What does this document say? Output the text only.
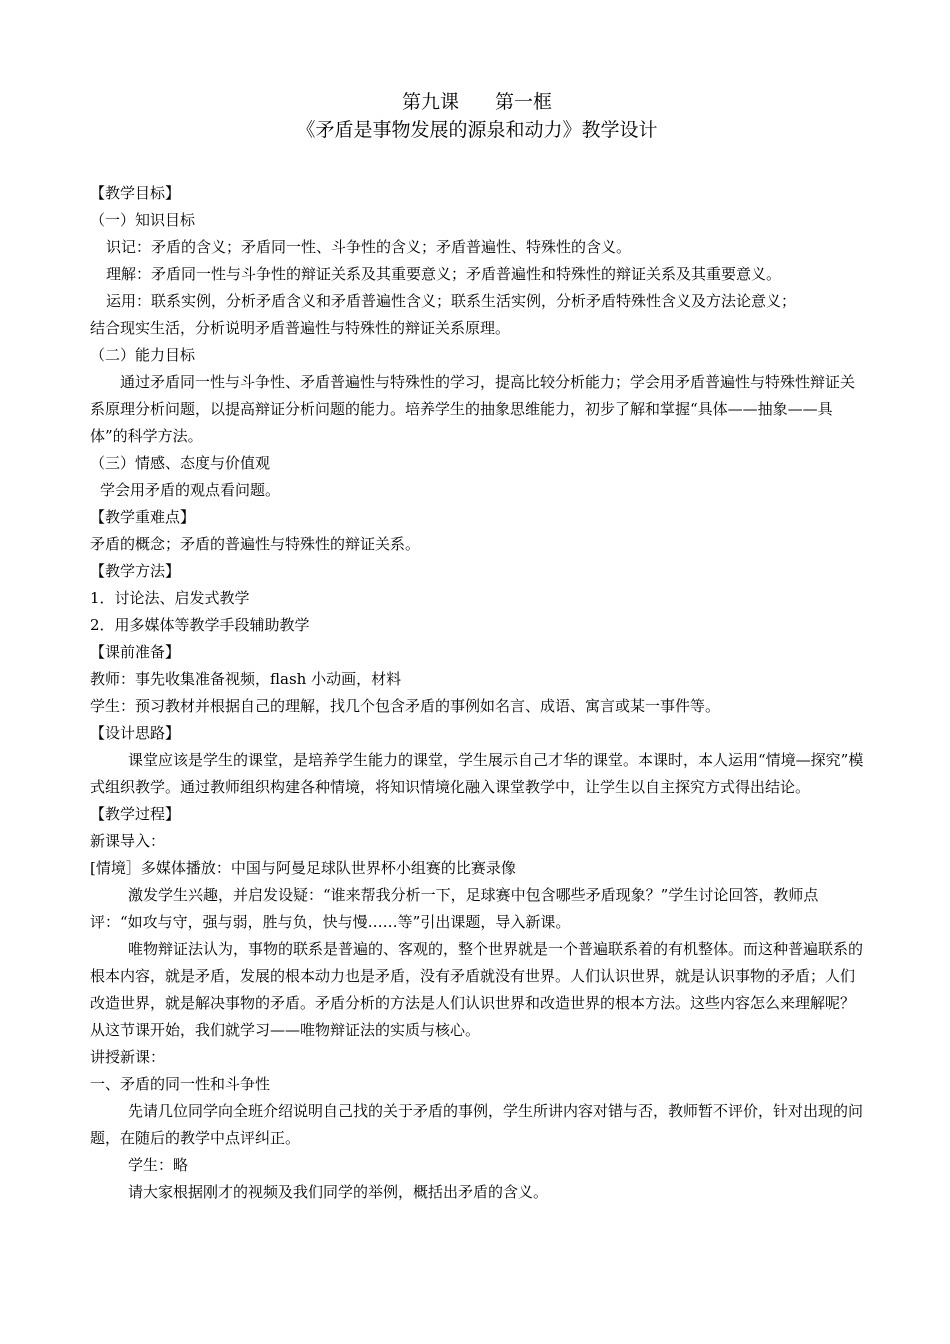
第九课 第一框

《矛盾是事物发展的源泉和动力》教学设计

【教学目标】

（一）知识目标

识记：矛盾的含义；矛盾同一性、斗争性的含义；矛盾普遍性、特殊性的含义。

理解：矛盾同一性与斗争性的辩证关系及其重要意义；矛盾普遍性和特殊性的辩证关系及其重要意义。

运用：联系实例，分析矛盾含义和矛盾普遍性含义；联系生活实例，分析矛盾特殊性含义及方法论意义；

结合现实生活，分析说明矛盾普遍性与特殊性的辩证关系原理。

（二）能力目标

通过矛盾同一性与斗争性、矛盾普遍性与特殊性的学习，提高比较分析能力；学会用矛盾普遍性与特殊性辩证关系原理分析问题，以提高辩证分析问题的能力。培养学生的抽象思维能力，初步了解和掌握“具体——抽象——具体”的科学方法。

（三）情感、态度与价值观

学会用矛盾的观点看问题。

【教学重难点】

矛盾的概念；矛盾的普遍性与特殊性的辩证关系。

【教学方法】

1．讨论法、启发式教学

2．用多媒体等教学手段辅助教学

【课前准备】

教师：事先收集准备视频，flash 小动画，材料

学生：预习教材并根据自己的理解，找几个包含矛盾的事例如名言、成语、寓言或某一事件等。

【设计思路】

课堂应该是学生的课堂，是培养学生能力的课堂，学生展示自己才华的课堂。本课时，本人运用“情境—探究”模式组织教学。通过教师组织构建各种情境，将知识情境化融入课堂教学中，让学生以自主探究方式得出结论。

【教学过程】

新课导入：

[情境］多媒体播放：中国与阿曼足球队世界杯小组赛的比赛录像

激发学生兴趣，并启发设疑：“谁来帮我分析一下，足球赛中包含哪些矛盾现象？”学生讨论回答，教师点评：“如攻与守，强与弱，胜与负，快与慢……等”引出课题，导入新课。

唯物辩证法认为，事物的联系是普遍的、客观的，整个世界就是一个普遍联系着的有机整体。而这种普遍联系的根本内容，就是矛盾，发展的根本动力也是矛盾，没有矛盾就没有世界。人们认识世界，就是认识事物的矛盾；人们改造世界，就是解决事物的矛盾。矛盾分析的方法是人们认识世界和改造世界的根本方法。这些内容怎么来理解呢？从这节课开始，我们就学习——唯物辩证法的实质与核心。

讲授新课：

一、矛盾的同一性和斗争性

先请几位同学向全班介绍说明自己找的关于矛盾的事例，学生所讲内容对错与否，教师暂不评价，针对出现的问题，在随后的教学中点评纠正。

学生：略

请大家根据刚才的视频及我们同学的举例，概括出矛盾的含义。
